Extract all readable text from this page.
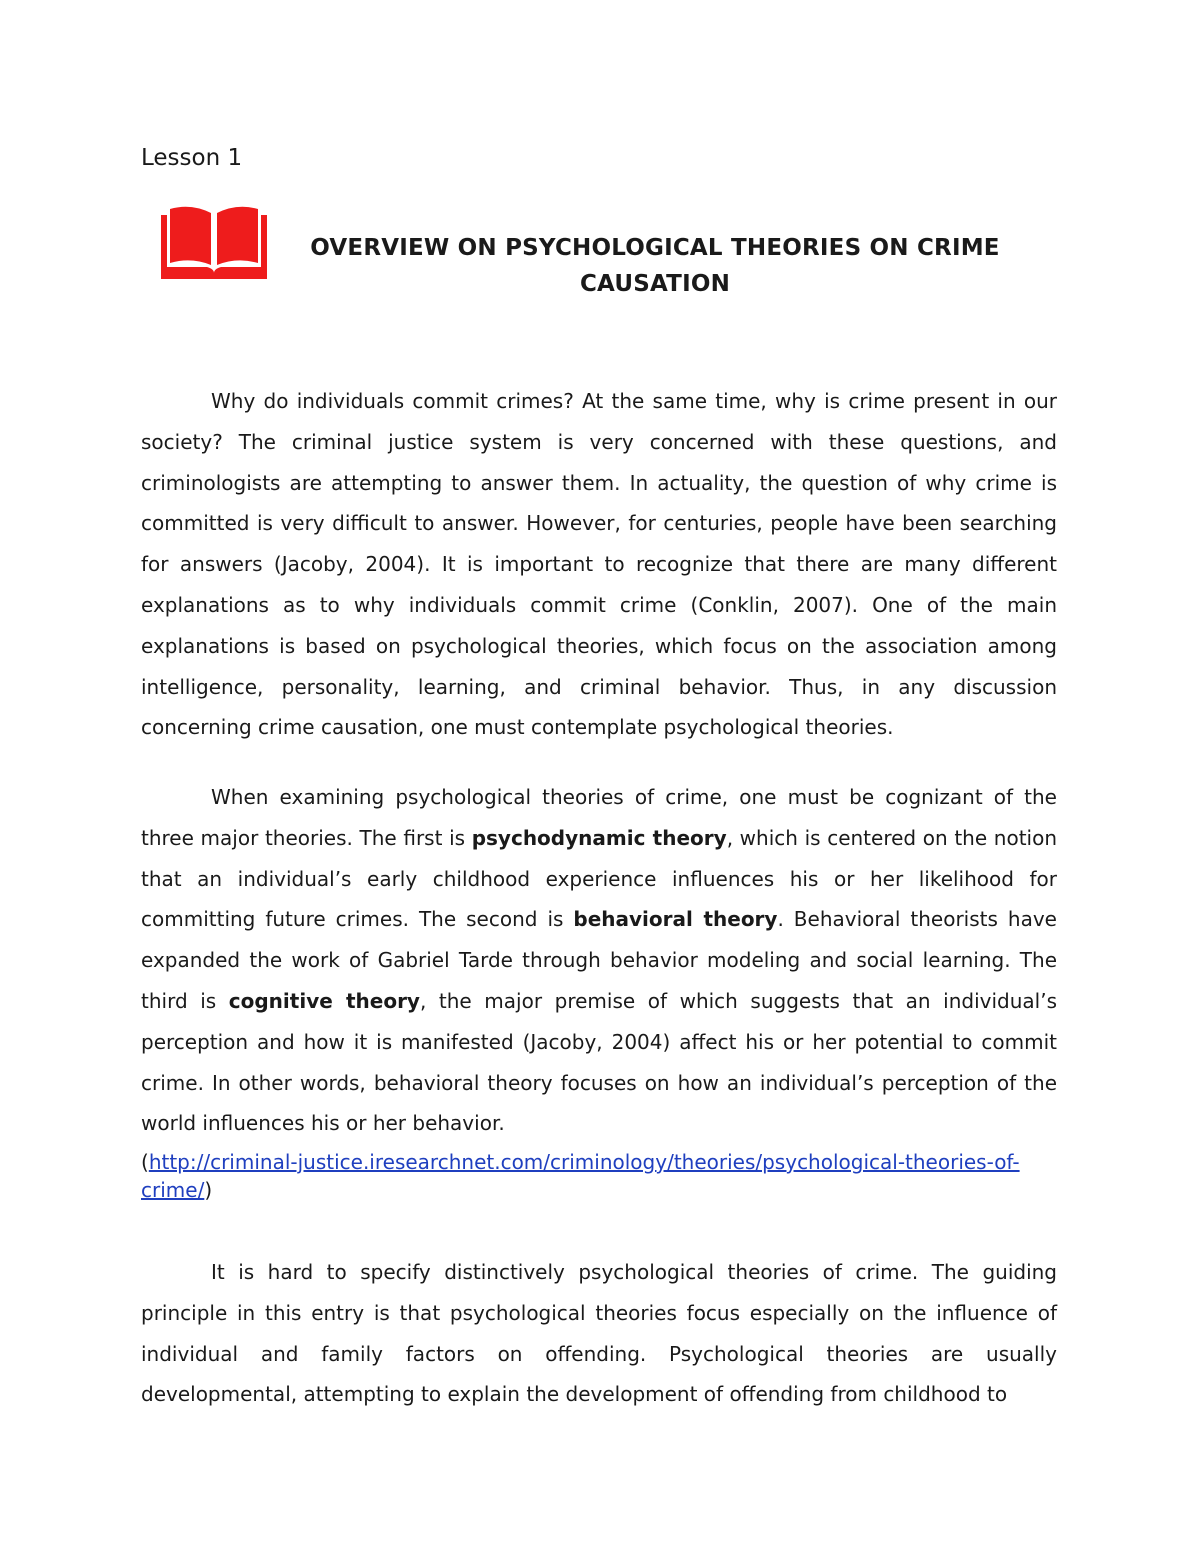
Lesson 1
OVERVIEW ON PSYCHOLOGICAL THEORIES ON CRIME
CAUSATION

Why do individuals commit crimes? At the same time, why is crime present in our society? The criminal justice system is very concerned with these questions, and criminologists are attempting to answer them. In actuality, the question of why crime is committed is very difficult to answer. However, for centuries, people have been searching for answers (Jacoby, 2004). It is important to recognize that there are many different explanations as to why individuals commit crime (Conklin, 2007). One of the main explanations is based on psychological theories, which focus on the association among intelligence, personality, learning, and criminal behavior. Thus, in any discussion concerning crime causation, one must contemplate psychological theories.

When examining psychological theories of crime, one must be cognizant of the three major theories. The first is psychodynamic theory, which is centered on the notion that an individual’s early childhood experience influences his or her likelihood for committing future crimes. The second is behavioral theory. Behavioral theorists have expanded the work of Gabriel Tarde through behavior modeling and social learning. The third is cognitive theory, the major premise of which suggests that an individual’s perception and how it is manifested (Jacoby, 2004) affect his or her potential to commit crime. In other words, behavioral theory focuses on how an individual’s perception of the world influences his or her behavior.

(http://criminal-justice.iresearchnet.com/criminology/theories/psychological-theories-of-crime/)

It is hard to specify distinctively psychological theories of crime. The guiding principle in this entry is that psychological theories focus especially on the influence of individual and family factors on offending. Psychological theories are usually developmental, attempting to explain the development of offending from childhood to
